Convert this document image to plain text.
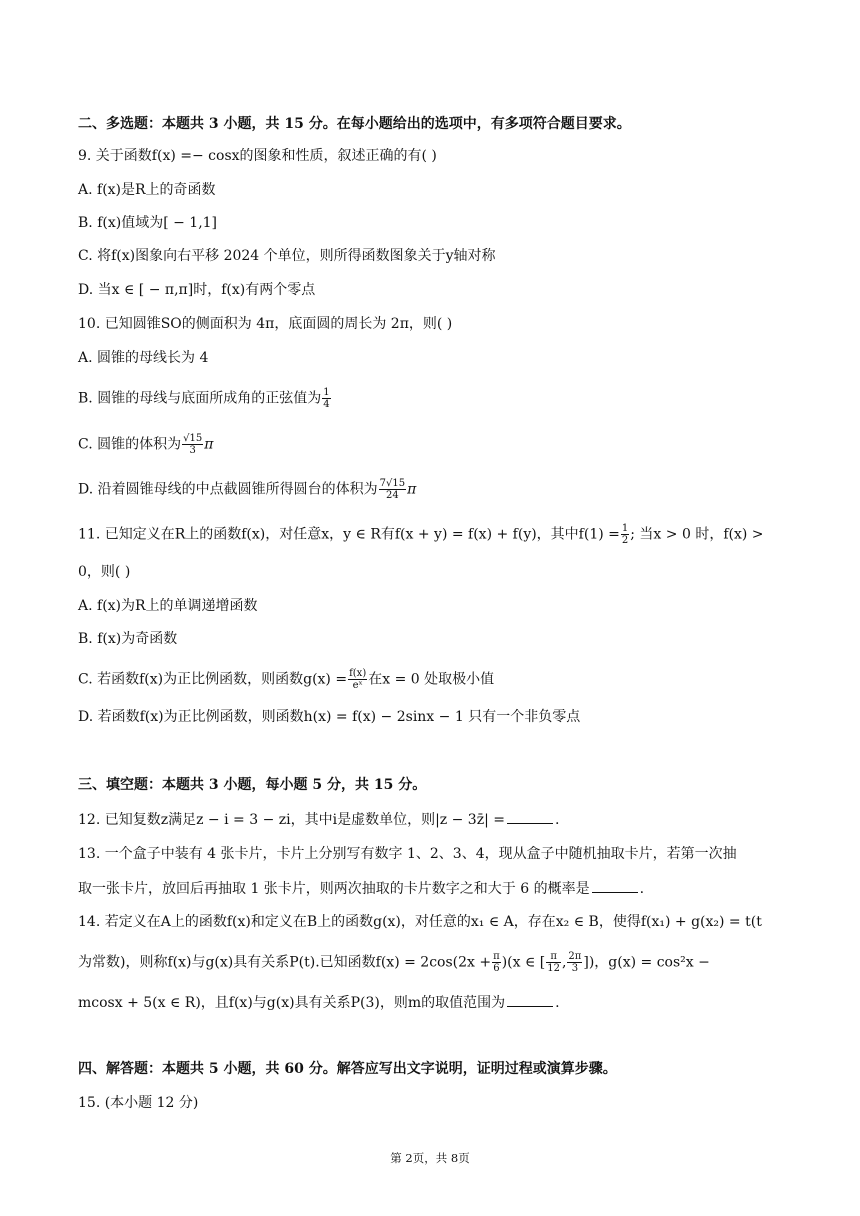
二、多选题：本题共 3 小题，共 15 分。在每小题给出的选项中，有多项符合题目要求。
9. 关于函数f(x) =− cosx的图象和性质，叙述正确的有( )
A. f(x)是R上的奇函数
B. f(x)值域为[ − 1,1]
C. 将f(x)图象向右平移 2024 个单位，则所得函数图象关于y轴对称
D. 当x ∈ [ − π,π]时，f(x)有两个零点
10. 已知圆锥SO的侧面积为 4π，底面圆的周长为 2π，则( )
A. 圆锥的母线长为 4
B. 圆锥的母线与底面所成角的正弦值为 $\frac{1}{4}$
C. 圆锥的体积为 $\frac{√15}{3}$ π
D. 沿着圆锥母线的中点截圆锥所得圆台的体积为 $\frac{7√15}{24}$ π
11. 已知定义在R上的函数f(x)，对任意x，y ∈ R有f(x + y) = f(x) + f(y)，其中$f(1) = \frac{1}{2}$ ; 当x > 0 时，f(x) >
0，则( )
A. f(x)为R上的单调递增函数
B. f(x)为奇函数
C. 若函数f(x)为正比例函数，则函数$g(x) = \frac{f(x)}{\text{eˣ}}$ 在x = 0 处取极小值
D. 若函数f(x)为正比例函数，则函数h(x) = f(x) − 2sinx − 1 只有一个非负零点
三、填空题：本题共 3 小题，每小题 5 分，共 15 分。
12. 已知复数z满足z − i = 3 − zi，其中i是虚数单位，则|z − 3z̄| =	.
13. 一个盒子中装有 4 张卡片，卡片上分别写有数字 1、2、3、4，现从盒子中随机抽取卡片，若第一次抽
取一张卡片，放回后再抽取 1 张卡片，则两次抽取的卡片数字之和大于 6 的概率是	.
14. 若定义在A上的函数f(x)和定义在B上的函数g(x)，对任意的x₁ ∈ A，存在x₂ ∈ B，使得f(x₁) + g(x₂) = t(t
为常数)，则称f(x)与g(x)具有关系P(t).已知函数$f(x) = 2\cos(2x + \frac{\pi}{6} )(x$ ∈ [ $\frac{\pi}{12}$ , $\frac{2\pi}{3}$ ])，g(x) = cos²x −
mcosx + 5(x ∈ R)，且f(x)与g(x)具有关系P(3)，则m的取值范围为	.
四、解答题：本题共 5 小题，共 60 分。解答应写出文字说明，证明过程或演算步骤。
15. (本小题 12 分)
第 2页，共 8页
